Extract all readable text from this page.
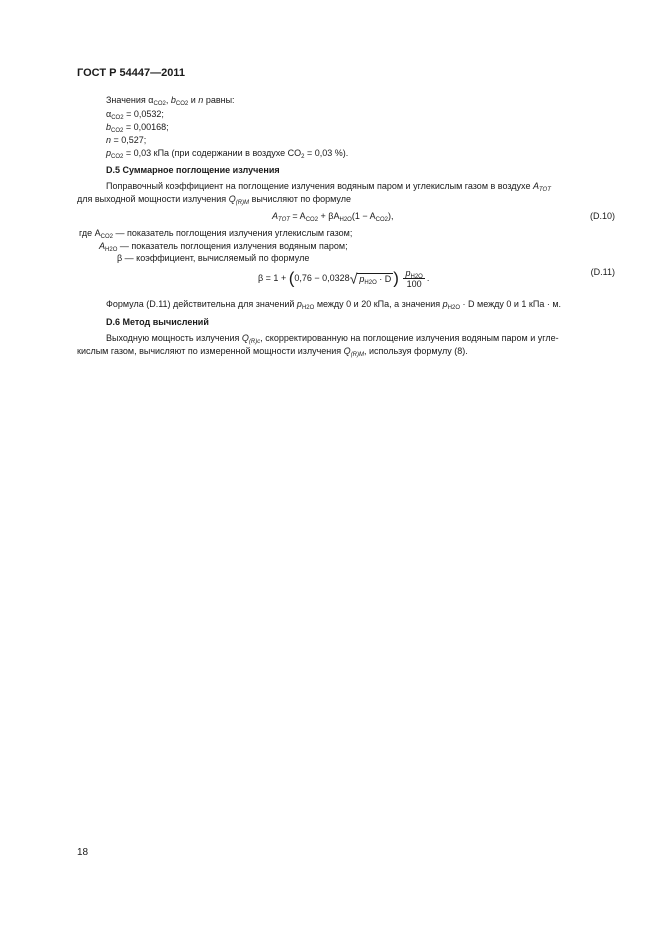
ГОСТ Р 54447—2011
Значения $\alpha_{CO2}$, $b_{CO2}$ и n равны:
$\alpha_{CO2} = 0,0532$;
$b_{CO2} = 0,00168$;
n = 0,527;
$p_{CO2} = 0,03$ кПа (при содержании в воздухе $CO_2 = 0,03$ %).
D.5 Суммарное поглощение излучения
Поправочный коэффициент на поглощение излучения водяным паром и углекислым газом в воздухе $A_{TOT}$
для выходной мощности излучения $Q_{(R)M}$ вычисляют по формуле
$A_{TOT} = A_{CO2} + \beta A_{H2O}(1 - A_{CO2})$,	(D.10)
где $A_{CO2}$ — показатель поглощения излучения углекислым газом;
$A_{H2O}$ — показатель поглощения излучения водяным паром;
β — коэффициент, вычисляемый по формуле
β = 1 + (0,76 − 0,0328√ $p_{H2O} \cdot D$ ) $\frac{p_{H2O}}{100}$ .
(D.11)
Формула (D.11) действительна для значений $p_{H2O}$ между 0 и 20 кПа, а значения $p_{H2O} \cdot D$ между 0 и 1 кПа · м.
D.6 Метод вычислений
Выходную мощность излучения $Q_{(R)c}$, скорректированную на поглощение излучения водяным паром и угле-
кислым газом, вычисляют по измеренной мощности излучения $Q_{(R)M}$, используя формулу (8).
18
